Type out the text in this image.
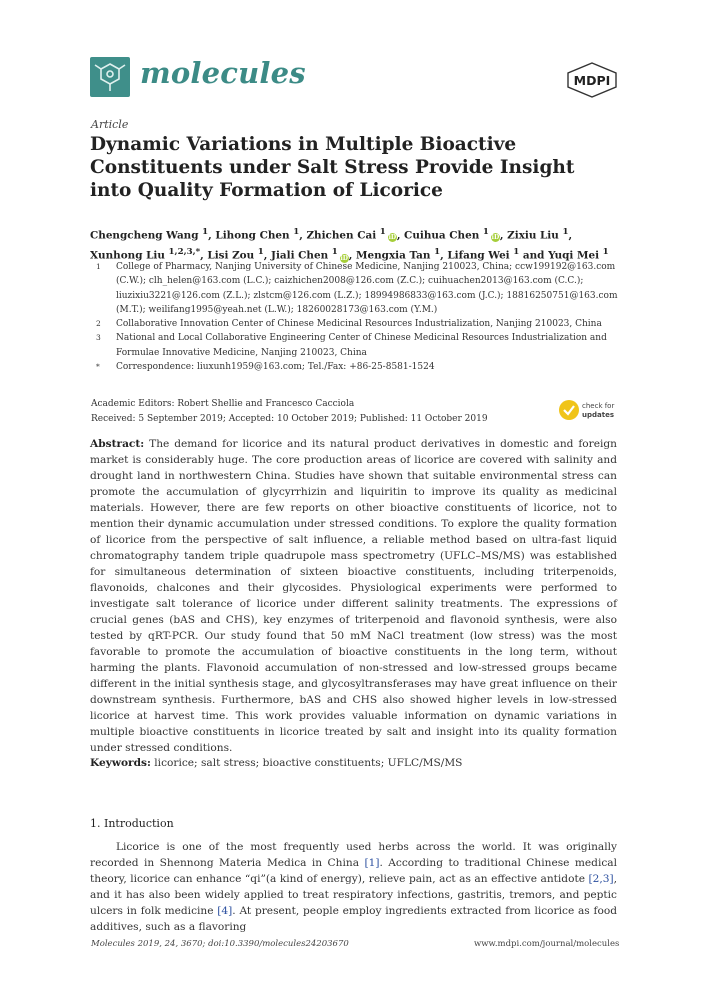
molecules	MDPI
Article
Dynamic Variations in Multiple Bioactive Constituents under Salt Stress Provide Insight into Quality Formation of Licorice
Chengcheng Wang $^1$, Lihong Chen $^1$, Zhichen Cai $^1$
iD , Cuihua Chen $^1$
iD , Zixiu Liu $^1$,
Xunhong Liu $^{1,2,3,*}$, Lisi Zou $^1$, Jiali Chen $^1$
iD , Mengxia Tan $^1$, Lifang Wei $^1$ and Yuqi Mei $^1$
1 College of Pharmacy, Nanjing University of Chinese Medicine, Nanjing 210023, China; ccw199192@163.com (C.W.); clh_helen@163.com (L.C.); caizhichen2008@126.com (Z.C.); cuihuachen2013@163.com (C.C.); liuzixiu3221@126.com (Z.L.); zlstcm@126.com (L.Z.); 18994986833@163.com (J.C.); 18816250751@163.com (M.T.); weilifang1995@yeah.net (L.W.); 18260028173@163.com (Y.M.)
2 Collaborative Innovation Center of Chinese Medicinal Resources Industrialization, Nanjing 210023, China
3 National and Local Collaborative Engineering Center of Chinese Medicinal Resources Industrialization and Formulae Innovative Medicine, Nanjing 210023, China
* Correspondence: liuxunh1959@163.com; Tel./Fax: +86-25-8581-1524
Academic Editors: Robert Shellie and Francesco Cacciola
Received: 5 September 2019; Accepted: 10 October 2019; Published: 11 October 2019
check for
updates
Abstract: The demand for licorice and its natural product derivatives in domestic and foreign market is considerably huge. The core production areas of licorice are covered with salinity and drought land in northwestern China. Studies have shown that suitable environmental stress can promote the accumulation of glycyrrhizin and liquiritin to improve its quality as medicinal materials. However, there are few reports on other bioactive constituents of licorice, not to mention their dynamic accumulation under stressed conditions. To explore the quality formation of licorice from the perspective of salt influence, a reliable method based on ultra-fast liquid chromatography tandem triple quadrupole mass spectrometry (UFLC–MS/MS) was established for simultaneous determination of sixteen bioactive constituents, including triterpenoids, flavonoids, chalcones and their glycosides. Physiological experiments were performed to investigate salt tolerance of licorice under different salinity treatments. The expressions of crucial genes (bAS and CHS), key enzymes of triterpenoid and flavonoid synthesis, were also tested by qRT-PCR. Our study found that 50 mM NaCl treatment (low stress) was the most favorable to promote the accumulation of bioactive constituents in the long term, without harming the plants. Flavonoid accumulation of non-stressed and low-stressed groups became different in the initial synthesis stage, and glycosyltransferases may have great influence on their downstream synthesis. Furthermore, bAS and CHS also showed higher levels in low-stressed licorice at harvest time. This work provides valuable information on dynamic variations in multiple bioactive constituents in licorice treated by salt and insight into its quality formation under stressed conditions.
Keywords: licorice; salt stress; bioactive constituents; UFLC/MS/MS
1. Introduction
Licorice is one of the most frequently used herbs across the world. It was originally recorded in Shennong Materia Medica in China [1]. According to traditional Chinese medical theory, licorice can enhance “qi”(a kind of energy), relieve pain, act as an effective antidote [2,3], and it has also been widely applied to treat respiratory infections, gastritis, tremors, and peptic ulcers in folk medicine [4]. At present, people employ ingredients extracted from licorice as food additives, such as a flavoring
Molecules 2019, 24, 3670; doi:10.3390/molecules24203670	www.mdpi.com/journal/molecules
